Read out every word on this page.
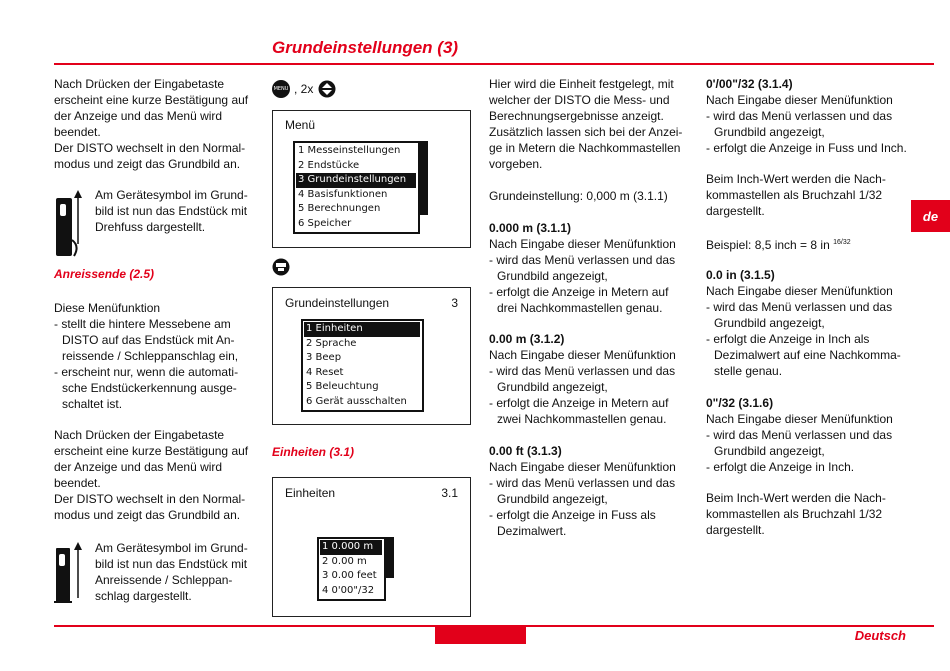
Grundeinstellungen (3)
Deutsch
de

Nach Drücken der Eingabetaste

erscheint eine kurze Bestätigung auf

der Anzeige und das Menü wird

beendet.

Der DISTO wechselt in den Normal-

modus und zeigt das Grundbild an.

Am Gerätesymbol im Grund-

bild ist nun das Endstück mit

Drehfuss dargestellt.

Anreissende (2.5)

Diese Menüfunktion

- stellt die hintere Messebene am

DISTO auf das Endstück mit An-

reissende / Schleppanschlag ein,

- erscheint nur, wenn die automati-

sche Endstückerkennung ausge-

schaltet ist.

Nach Drücken der Eingabetaste

erscheint eine kurze Bestätigung auf

der Anzeige und das Menü wird

beendet.

Der DISTO wechselt in den Normal-

modus und zeigt das Grundbild an.

Am Gerätesymbol im Grund-

bild ist nun das Endstück mit

Anreissende / Schleppan-

schlag dargestellt.

MENU , 2x
Menü
1 Messeinstellungen
2 Endstücke
3 Grundeinstellungen
4 Basisfunktionen
5 Berechnungen
6 Speicher
Grundeinstellungen	3
1 Einheiten
2 Sprache
3 Beep
4 Reset
5 Beleuchtung
6 Gerät ausschalten
Einheiten (3.1)
Einheiten	3.1
1 0.000 m
2 0.00 m
3 0.00 feet
4 0'00"/32

Hier wird die Einheit festgelegt, mit

welcher der DISTO die Mess- und

Berechnungsergebnisse anzeigt.

Zusätzlich lassen sich bei der Anzei-

ge in Metern die Nachkommastellen

vorgeben.

Grundeinstellung: 0,000 m (3.1.1)

0.000 m (3.1.1)

Nach Eingabe dieser Menüfunktion

- wird das Menü verlassen und das

Grundbild angezeigt,

- erfolgt die Anzeige in Metern auf

drei Nachkommastellen genau.

0.00 m (3.1.2)

Nach Eingabe dieser Menüfunktion

- wird das Menü verlassen und das

Grundbild angezeigt,

- erfolgt die Anzeige in Metern auf

zwei Nachkommastellen genau.

0.00 ft (3.1.3)

Nach Eingabe dieser Menüfunktion

- wird das Menü verlassen und das

Grundbild angezeigt,

- erfolgt die Anzeige in Fuss als

Dezimalwert.

0'/00"/32 (3.1.4)

Nach Eingabe dieser Menüfunktion

- wird das Menü verlassen und das

Grundbild angezeigt,

- erfolgt die Anzeige in Fuss und Inch.

Beim Inch-Wert werden die Nach-

kommastellen als Bruchzahl 1/32

dargestellt.

Beispiel: 8,5 inch = 8 in $^{16/32}$

0.0 in (3.1.5)

Nach Eingabe dieser Menüfunktion

- wird das Menü verlassen und das

Grundbild angezeigt,

- erfolgt die Anzeige in Inch als

Dezimalwert auf eine Nachkomma-

stelle genau.

0"/32 (3.1.6)

Nach Eingabe dieser Menüfunktion

- wird das Menü verlassen und das

Grundbild angezeigt,

- erfolgt die Anzeige in Inch.

Beim Inch-Wert werden die Nach-

kommastellen als Bruchzahl 1/32

dargestellt.
